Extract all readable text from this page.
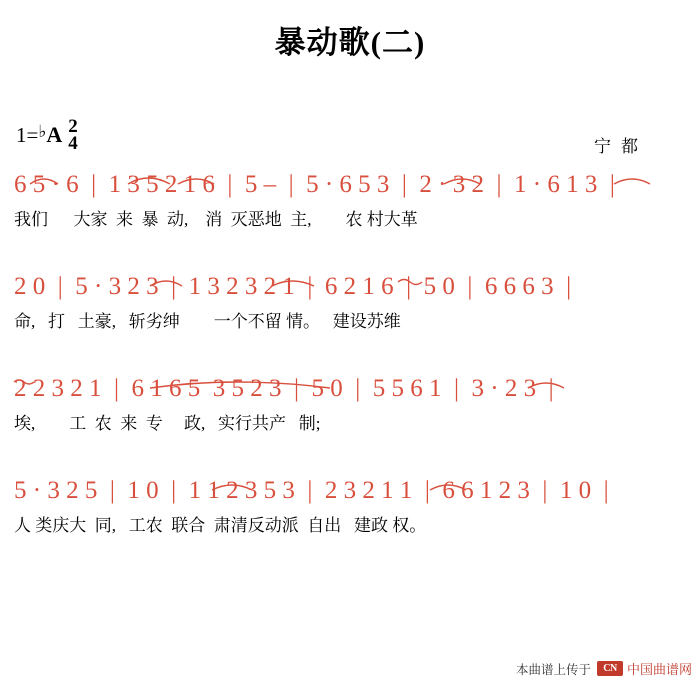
暴动歌(二)
1= ♭ A 2
4	宁都
6 5 · 6  |  1 3 5 2 1 6  |  5 –  |  5 · 6 5 3  |  2 · 3 2  |  1 · 6 1 3  |
我们      大家  来  暴  动,    消  灭恶地  主,        农 村大革
2 0  |  5 · 3 2 3  |  1 3 2 3 2 1  |  6 2 1 6  |  5 0  |  6 6 6 3  |
命,   打   土豪,   斩劣绅        一个不留 情。   建设苏维
2 2 3 2 1  |  6 1 6 5  3 5 2 3  |  5 0  |  5 5 6 1  |  3 · 2 3  |
埃,        工  农  来  专     政,   实行共产   制;
5 · 3 2 5  |  1 0  |  1 1 2 3 5 3  |  2 3 2 1 1  |  6 6 1 2 3  |  1 0  |
人 类庆大  同,   工农  联合  肃清反动派  自出   建政 权。
本曲谱上传于	CN 中国曲谱网
